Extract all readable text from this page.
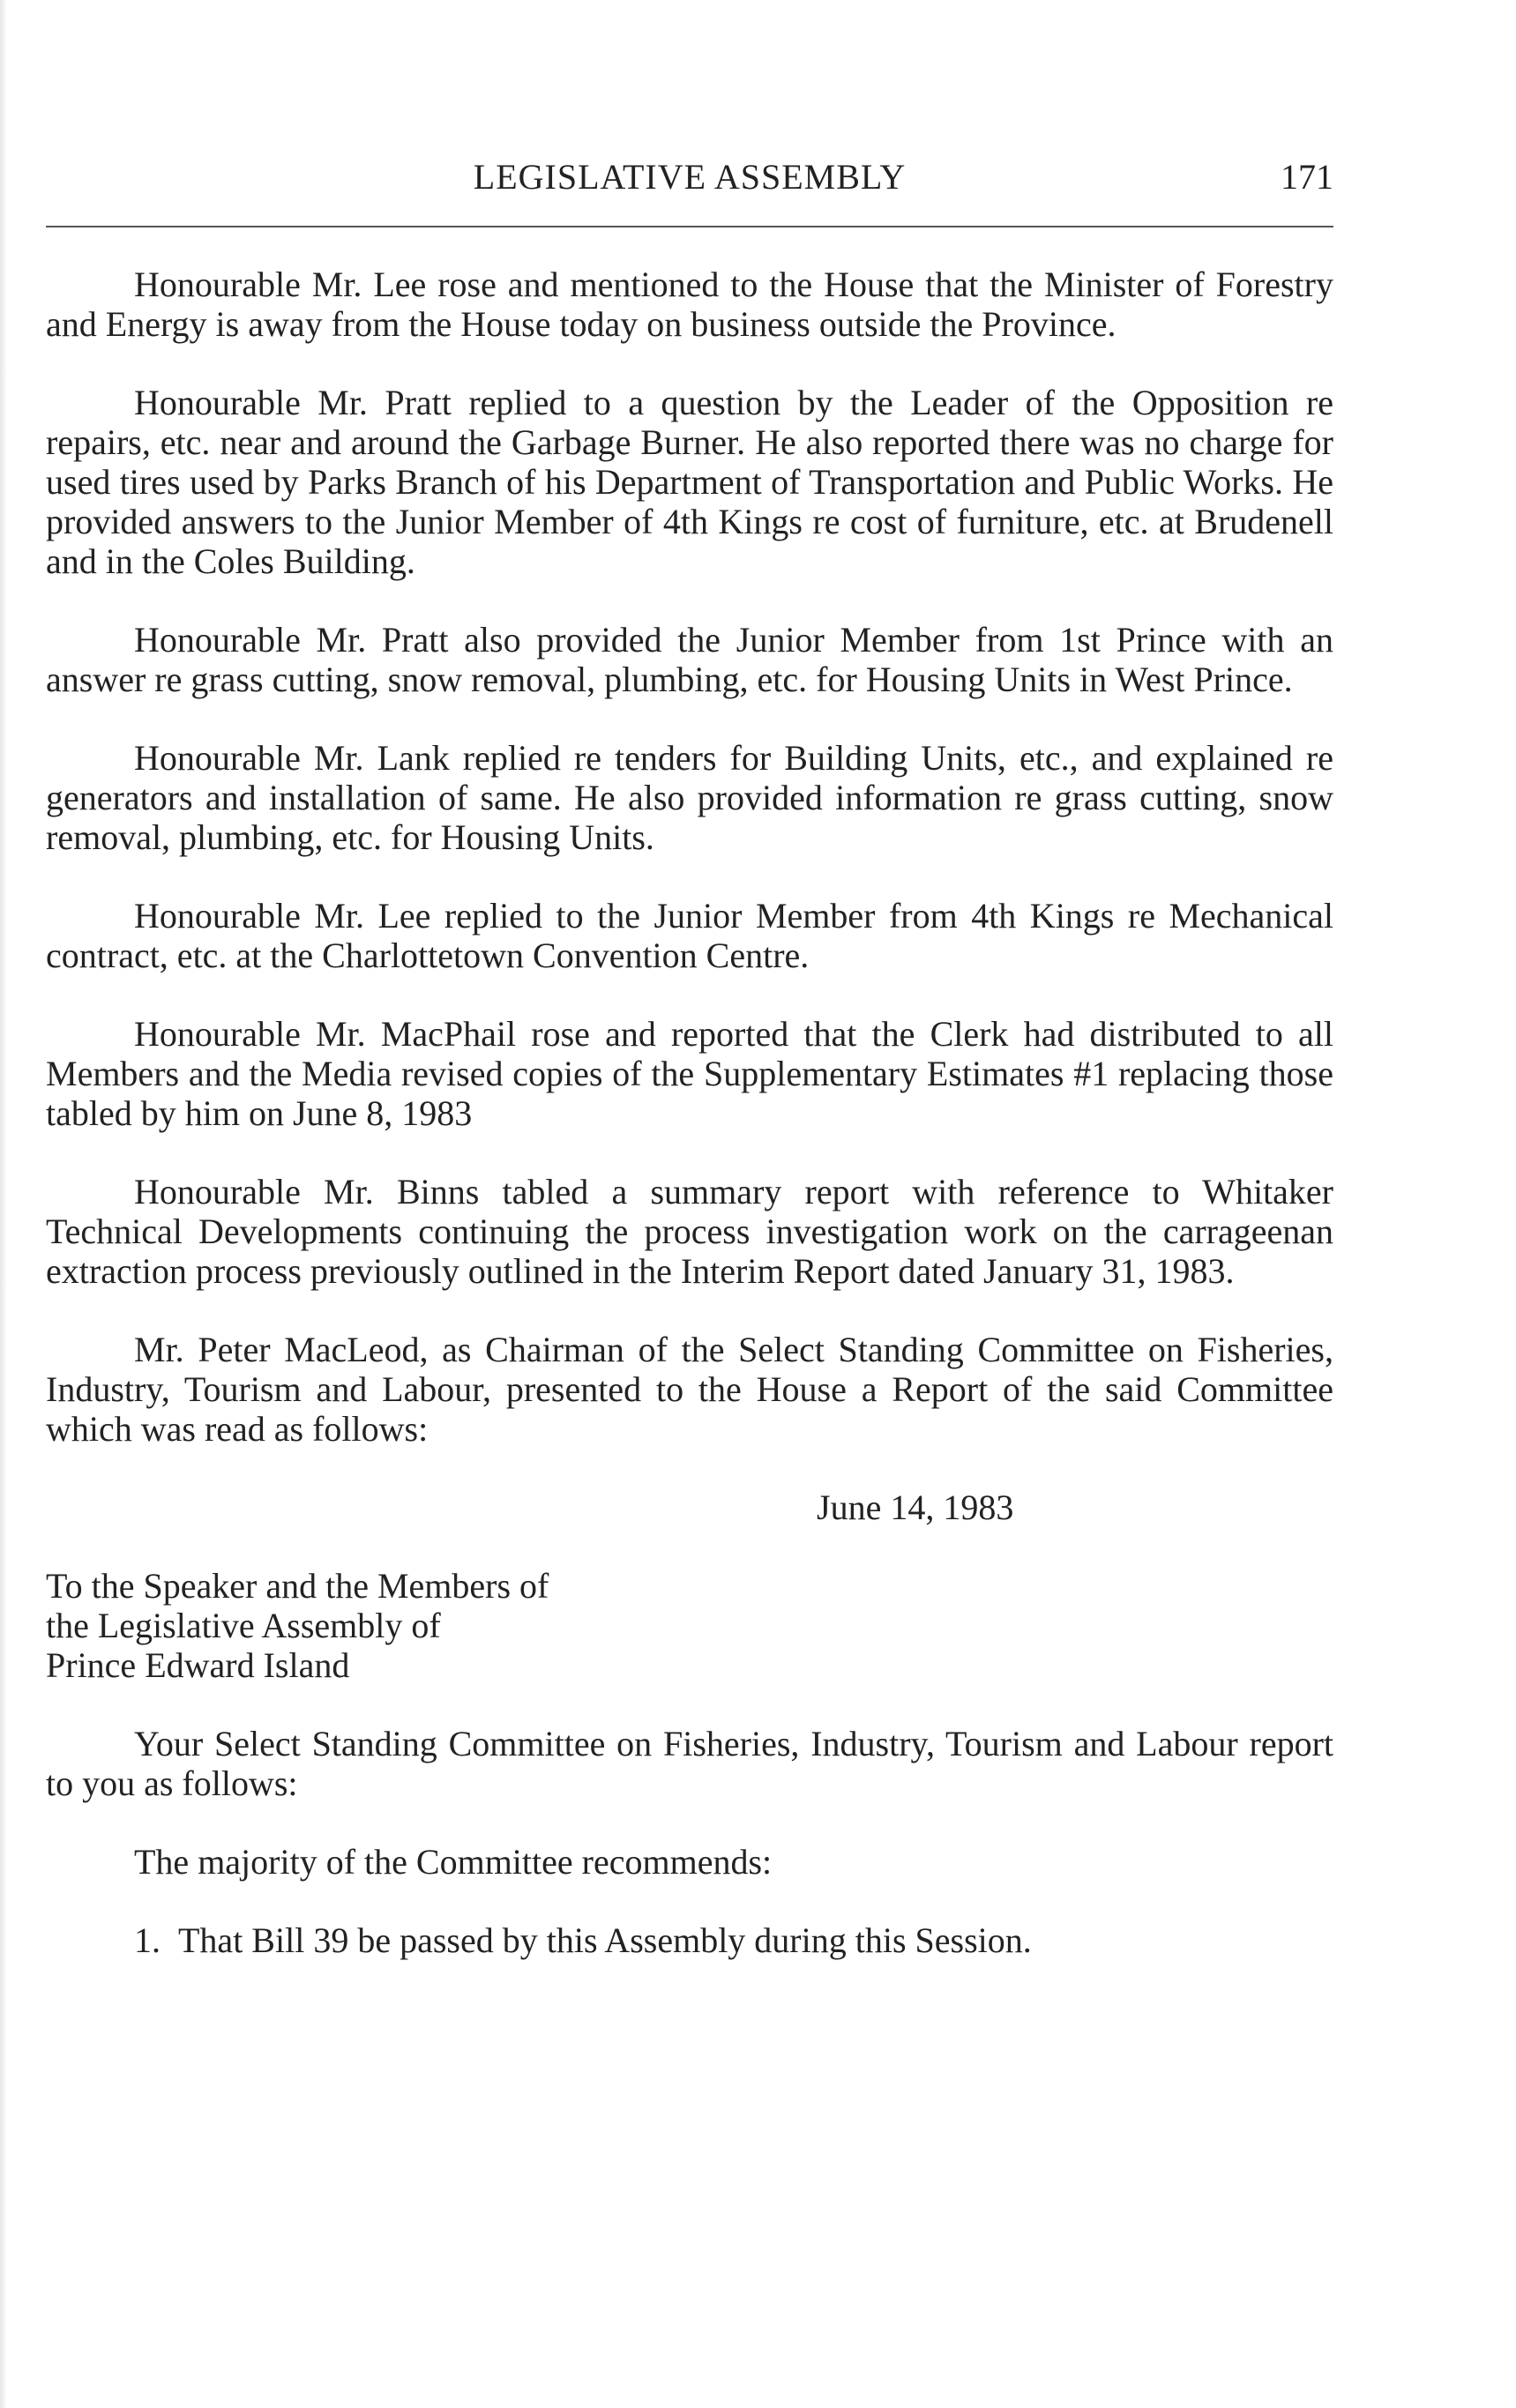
LEGISLATIVE ASSEMBLY	171

Honourable Mr. Lee rose and mentioned to the House that the Minister of Forestry and Energy is away from the House today on business outside the Province.

Honourable Mr. Pratt replied to a question by the Leader of the Opposition re repairs, etc. near and around the Garbage Burner. He also reported there was no charge for used tires used by Parks Branch of his Department of Transportation and Public Works. He provided answers to the Junior Member of 4th Kings re cost of furniture, etc. at Brudenell and in the Coles Building.

Honourable Mr. Pratt also provided the Junior Member from 1st Prince with an answer re grass cutting, snow removal, plumbing, etc. for Housing Units in West Prince.

Honourable Mr. Lank replied re tenders for Building Units, etc., and explained re generators and installation of same. He also provided information re grass cutting, snow removal, plumbing, etc. for Housing Units.

Honourable Mr. Lee replied to the Junior Member from 4th Kings re Mechanical contract, etc. at the Charlottetown Convention Centre.

Honourable Mr. MacPhail rose and reported that the Clerk had distributed to all Members and the Media revised copies of the Supplementary Estimates #1 replacing those tabled by him on June 8, 1983

Honourable Mr. Binns tabled a summary report with reference to Whitaker Technical Developments continuing the process investigation work on the carrageenan extraction process previously outlined in the Interim Report dated January 31, 1983.

Mr. Peter MacLeod, as Chairman of the Select Standing Committee on Fisheries, Industry, Tourism and Labour, presented to the House a Report of the said Committee which was read as follows:

June 14, 1983
To the Speaker and the Members of
the Legislative Assembly of
Prince Edward Island

Your Select Standing Committee on Fisheries, Industry, Tourism and Labour report to you as follows:

The majority of the Committee recommends:

1. That Bill 39 be passed by this Assembly during this Session.
